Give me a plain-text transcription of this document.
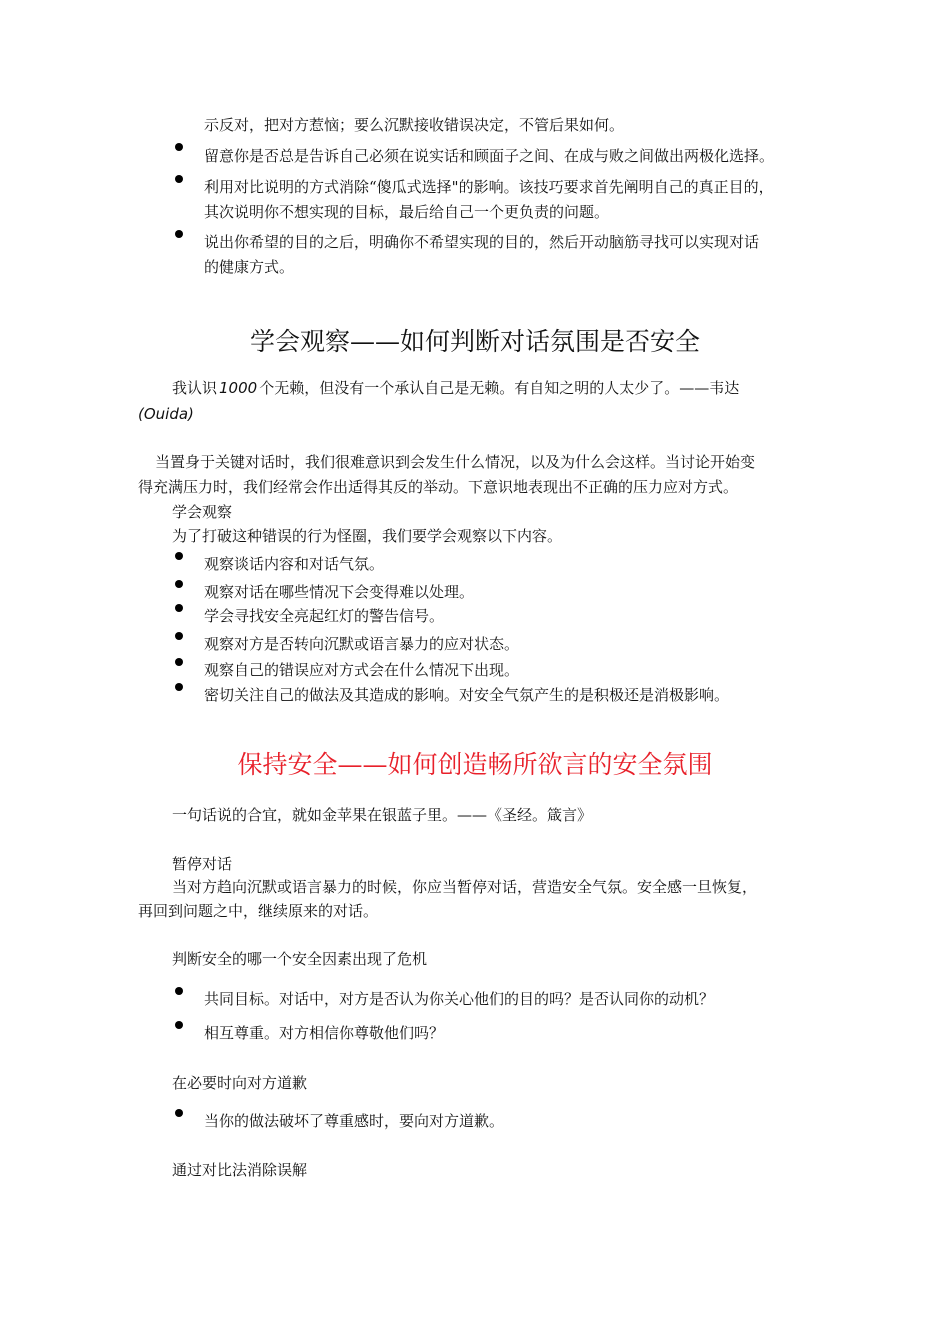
示反对，把对方惹恼；要么沉默接收错误决定，不管后果如何。
留意你是否总是告诉自己必须在说实话和顾面子之间、在成与败之间做出两极化选择。
利用对比说明的方式消除“傻瓜式选择"的影响。该技巧要求首先阐明自己的真正目的，
其次说明你不想实现的目标，最后给自己一个更负责的问题。
说出你希望的目的之后，明确你不希望实现的目的，然后开动脑筋寻找可以实现对话
的健康方式。
学会观察——如何判断对话氛围是否安全
我认识 1000 个无赖，但没有一个承认自己是无赖。有自知之明的人太少了。——韦达
(Ouida)
当置身于关键对话时，我们很难意识到会发生什么情况，以及为什么会这样。当讨论开始变
得充满压力时，我们经常会作出适得其反的举动。下意识地表现出不正确的压力应对方式。
学会观察
为了打破这种错误的行为怪圈，我们要学会观察以下内容。
观察谈话内容和对话气氛。
观察对话在哪些情况下会变得难以处理。
学会寻找安全亮起红灯的警告信号。
观察对方是否转向沉默或语言暴力的应对状态。
观察自己的错误应对方式会在什么情况下出现。
密切关注自己的做法及其造成的影响。对安全气氛产生的是积极还是消极影响。
保持安全——如何创造畅所欲言的安全氛围
一句话说的合宜，就如金苹果在银蓝子里。——《圣经。箴言》
暂停对话
当对方趋向沉默或语言暴力的时候，你应当暂停对话，营造安全气氛。安全感一旦恢复，
再回到问题之中，继续原来的对话。
判断安全的哪一个安全因素出现了危机
共同目标。对话中，对方是否认为你关心他们的目的吗？是否认同你的动机？
相互尊重。对方相信你尊敬他们吗？
在必要时向对方道歉
当你的做法破坏了尊重感时，要向对方道歉。
通过对比法消除误解
